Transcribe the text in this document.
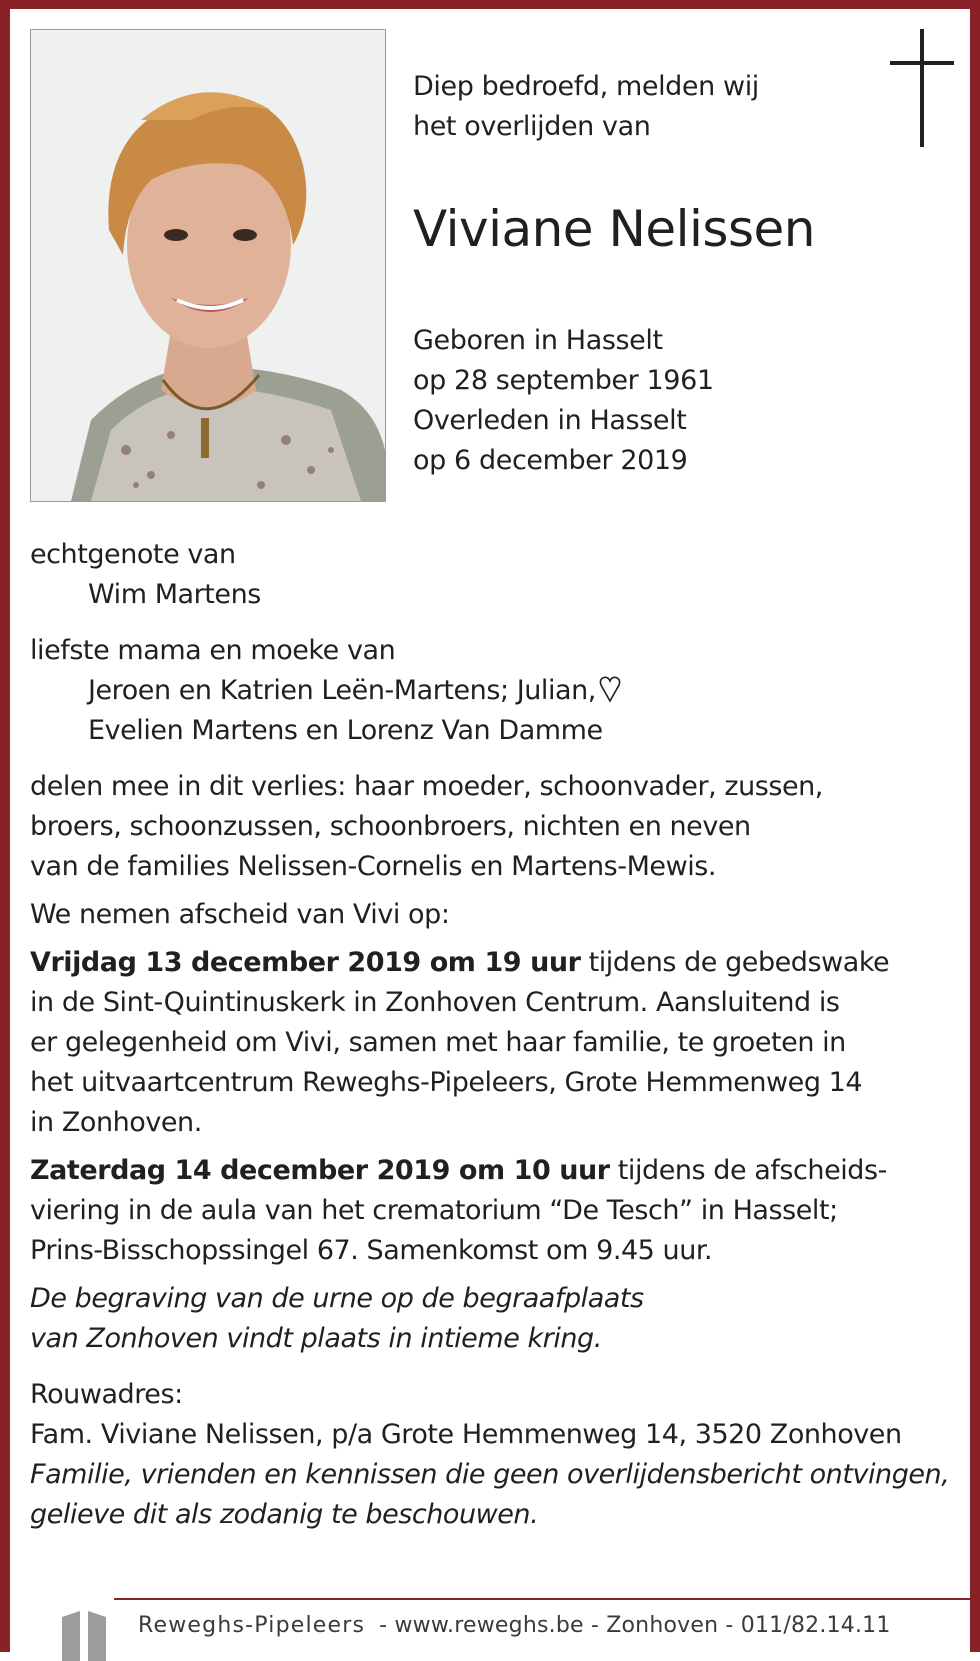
Diep bedroefd, melden wij
het overlijden van
Viviane Nelissen
Geboren in Hasselt
op 28 september 1961
Overleden in Hasselt
op 6 december 2019
echtgenote van
Wim Martens
liefste mama en moeke van
Jeroen en Katrien Leën-Martens; Julian,
Evelien Martens en Lorenz Van Damme
delen mee in dit verlies: haar moeder, schoonvader, zussen,
broers, schoonzussen, schoonbroers, nichten en neven
van de families Nelissen-Cornelis en Martens-Mewis.
We nemen afscheid van Vivi op:
Vrijdag 13 december 2019 om 19 uur tijdens de gebedswake
in de Sint-Quintinuskerk in Zonhoven Centrum. Aansluitend is
er gelegenheid om Vivi, samen met haar familie, te groeten in
het uitvaartcentrum Reweghs-Pipeleers, Grote Hemmenweg 14
in Zonhoven.
Zaterdag 14 december 2019 om 10 uur tijdens de afscheids-
viering in de aula van het crematorium “De Tesch” in Hasselt;
Prins-Bisschopssingel 67. Samenkomst om 9.45 uur.
De begraving van de urne op de begraafplaats
van Zonhoven vindt plaats in intieme kring.
Rouwadres:
Fam. Viviane Nelissen, p/a Grote Hemmenweg 14, 3520 Zonhoven
Familie, vrienden en kennissen die geen overlijdensbericht ontvingen,
gelieve dit als zodanig te beschouwen.
Reweghs-Pipeleers - www.reweghs.be - Zonhoven - 011/82.14.11
